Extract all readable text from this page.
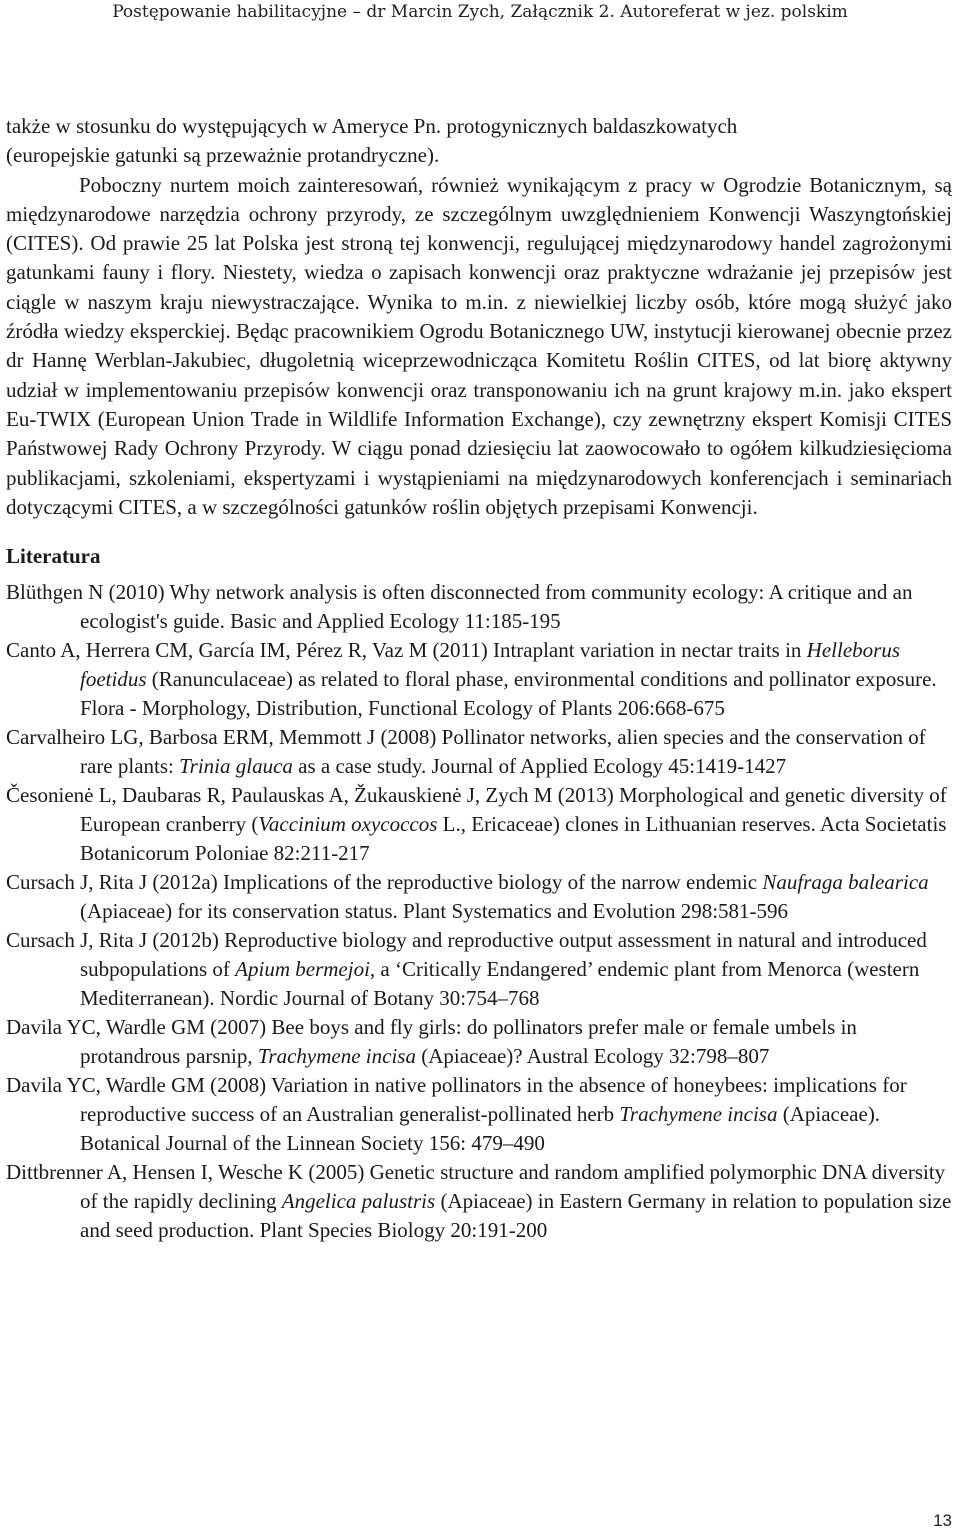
Postępowanie habilitacyjne – dr Marcin Zych, Załącznik 2. Autoreferat w jez. polskim

także w stosunku do występujących w Ameryce Pn. protogynicznych baldaszkowatych
(europejskie gatunki są przeważnie protandryczne).

Poboczny nurtem moich zainteresowań, również wynikającym z pracy w Ogrodzie Botanicznym, są międzynarodowe narzędzia ochrony przyrody, ze szczególnym uwzględnieniem Konwencji Waszyngtońskiej (CITES). Od prawie 25 lat Polska jest stroną tej konwencji, regulującej międzynarodowy handel zagrożonymi gatunkami fauny i flory. Niestety, wiedza o zapisach konwencji oraz praktyczne wdrażanie jej przepisów jest ciągle w naszym kraju niewystraczające. Wynika to m.in. z niewielkiej liczby osób, które mogą służyć jako źródła wiedzy eksperckiej. Będąc pracownikiem Ogrodu Botanicznego UW, instytucji kierowanej obecnie przez dr Hannę Werblan-Jakubiec, długoletnią wiceprzewodnicząca Komitetu Roślin CITES, od lat biorę aktywny udział w implementowaniu przepisów konwencji oraz transponowaniu ich na grunt krajowy m.in. jako ekspert Eu-TWIX (European Union Trade in Wildlife Information Exchange), czy zewnętrzny ekspert Komisji CITES Państwowej Rady Ochrony Przyrody. W ciągu ponad dziesięciu lat zaowocowało to ogółem kilkudziesięcioma publikacjami, szkoleniami, ekspertyzami i wystąpieniami na międzynarodowych konferencjach i seminariach dotyczącymi CITES, a w szczególności gatunków roślin objętych przepisami Konwencji.

Literatura

Blüthgen N (2010) Why network analysis is often disconnected from community ecology: A critique and an ecologist's guide. Basic and Applied Ecology 11:185-195

Canto A, Herrera CM, García IM, Pérez R, Vaz M (2011) Intraplant variation in nectar traits in Helleborus foetidus (Ranunculaceae) as related to floral phase, environmental conditions and pollinator exposure. Flora - Morphology, Distribution, Functional Ecology of Plants 206:668-675

Carvalheiro LG, Barbosa ERM, Memmott J (2008) Pollinator networks, alien species and the conservation of rare plants: Trinia glauca as a case study. Journal of Applied Ecology 45:1419-1427

Česonienė L, Daubaras R, Paulauskas A, Žukauskienė J, Zych M (2013) Morphological and genetic diversity of European cranberry (Vaccinium oxycoccos L., Ericaceae) clones in Lithuanian reserves. Acta Societatis Botanicorum Poloniae 82:211-217

Cursach J, Rita J (2012a) Implications of the reproductive biology of the narrow endemic Naufraga balearica (Apiaceae) for its conservation status. Plant Systematics and Evolution 298:581-596

Cursach J, Rita J (2012b) Reproductive biology and reproductive output assessment in natural and introduced subpopulations of Apium bermejoi, a ‘Critically Endangered’ endemic plant from Menorca (western Mediterranean). Nordic Journal of Botany 30:754–768

Davila YC, Wardle GM (2007) Bee boys and fly girls: do pollinators prefer male or female umbels in protandrous parsnip, Trachymene incisa (Apiaceae)? Austral Ecology 32:798–807

Davila YC, Wardle GM (2008) Variation in native pollinators in the absence of honeybees: implications for reproductive success of an Australian generalist-pollinated herb Trachymene incisa (Apiaceae). Botanical Journal of the Linnean Society 156: 479–490

Dittbrenner A, Hensen I, Wesche K (2005) Genetic structure and random amplified polymorphic DNA diversity of the rapidly declining Angelica palustris (Apiaceae) in Eastern Germany in relation to population size and seed production. Plant Species Biology 20:191-200

13
